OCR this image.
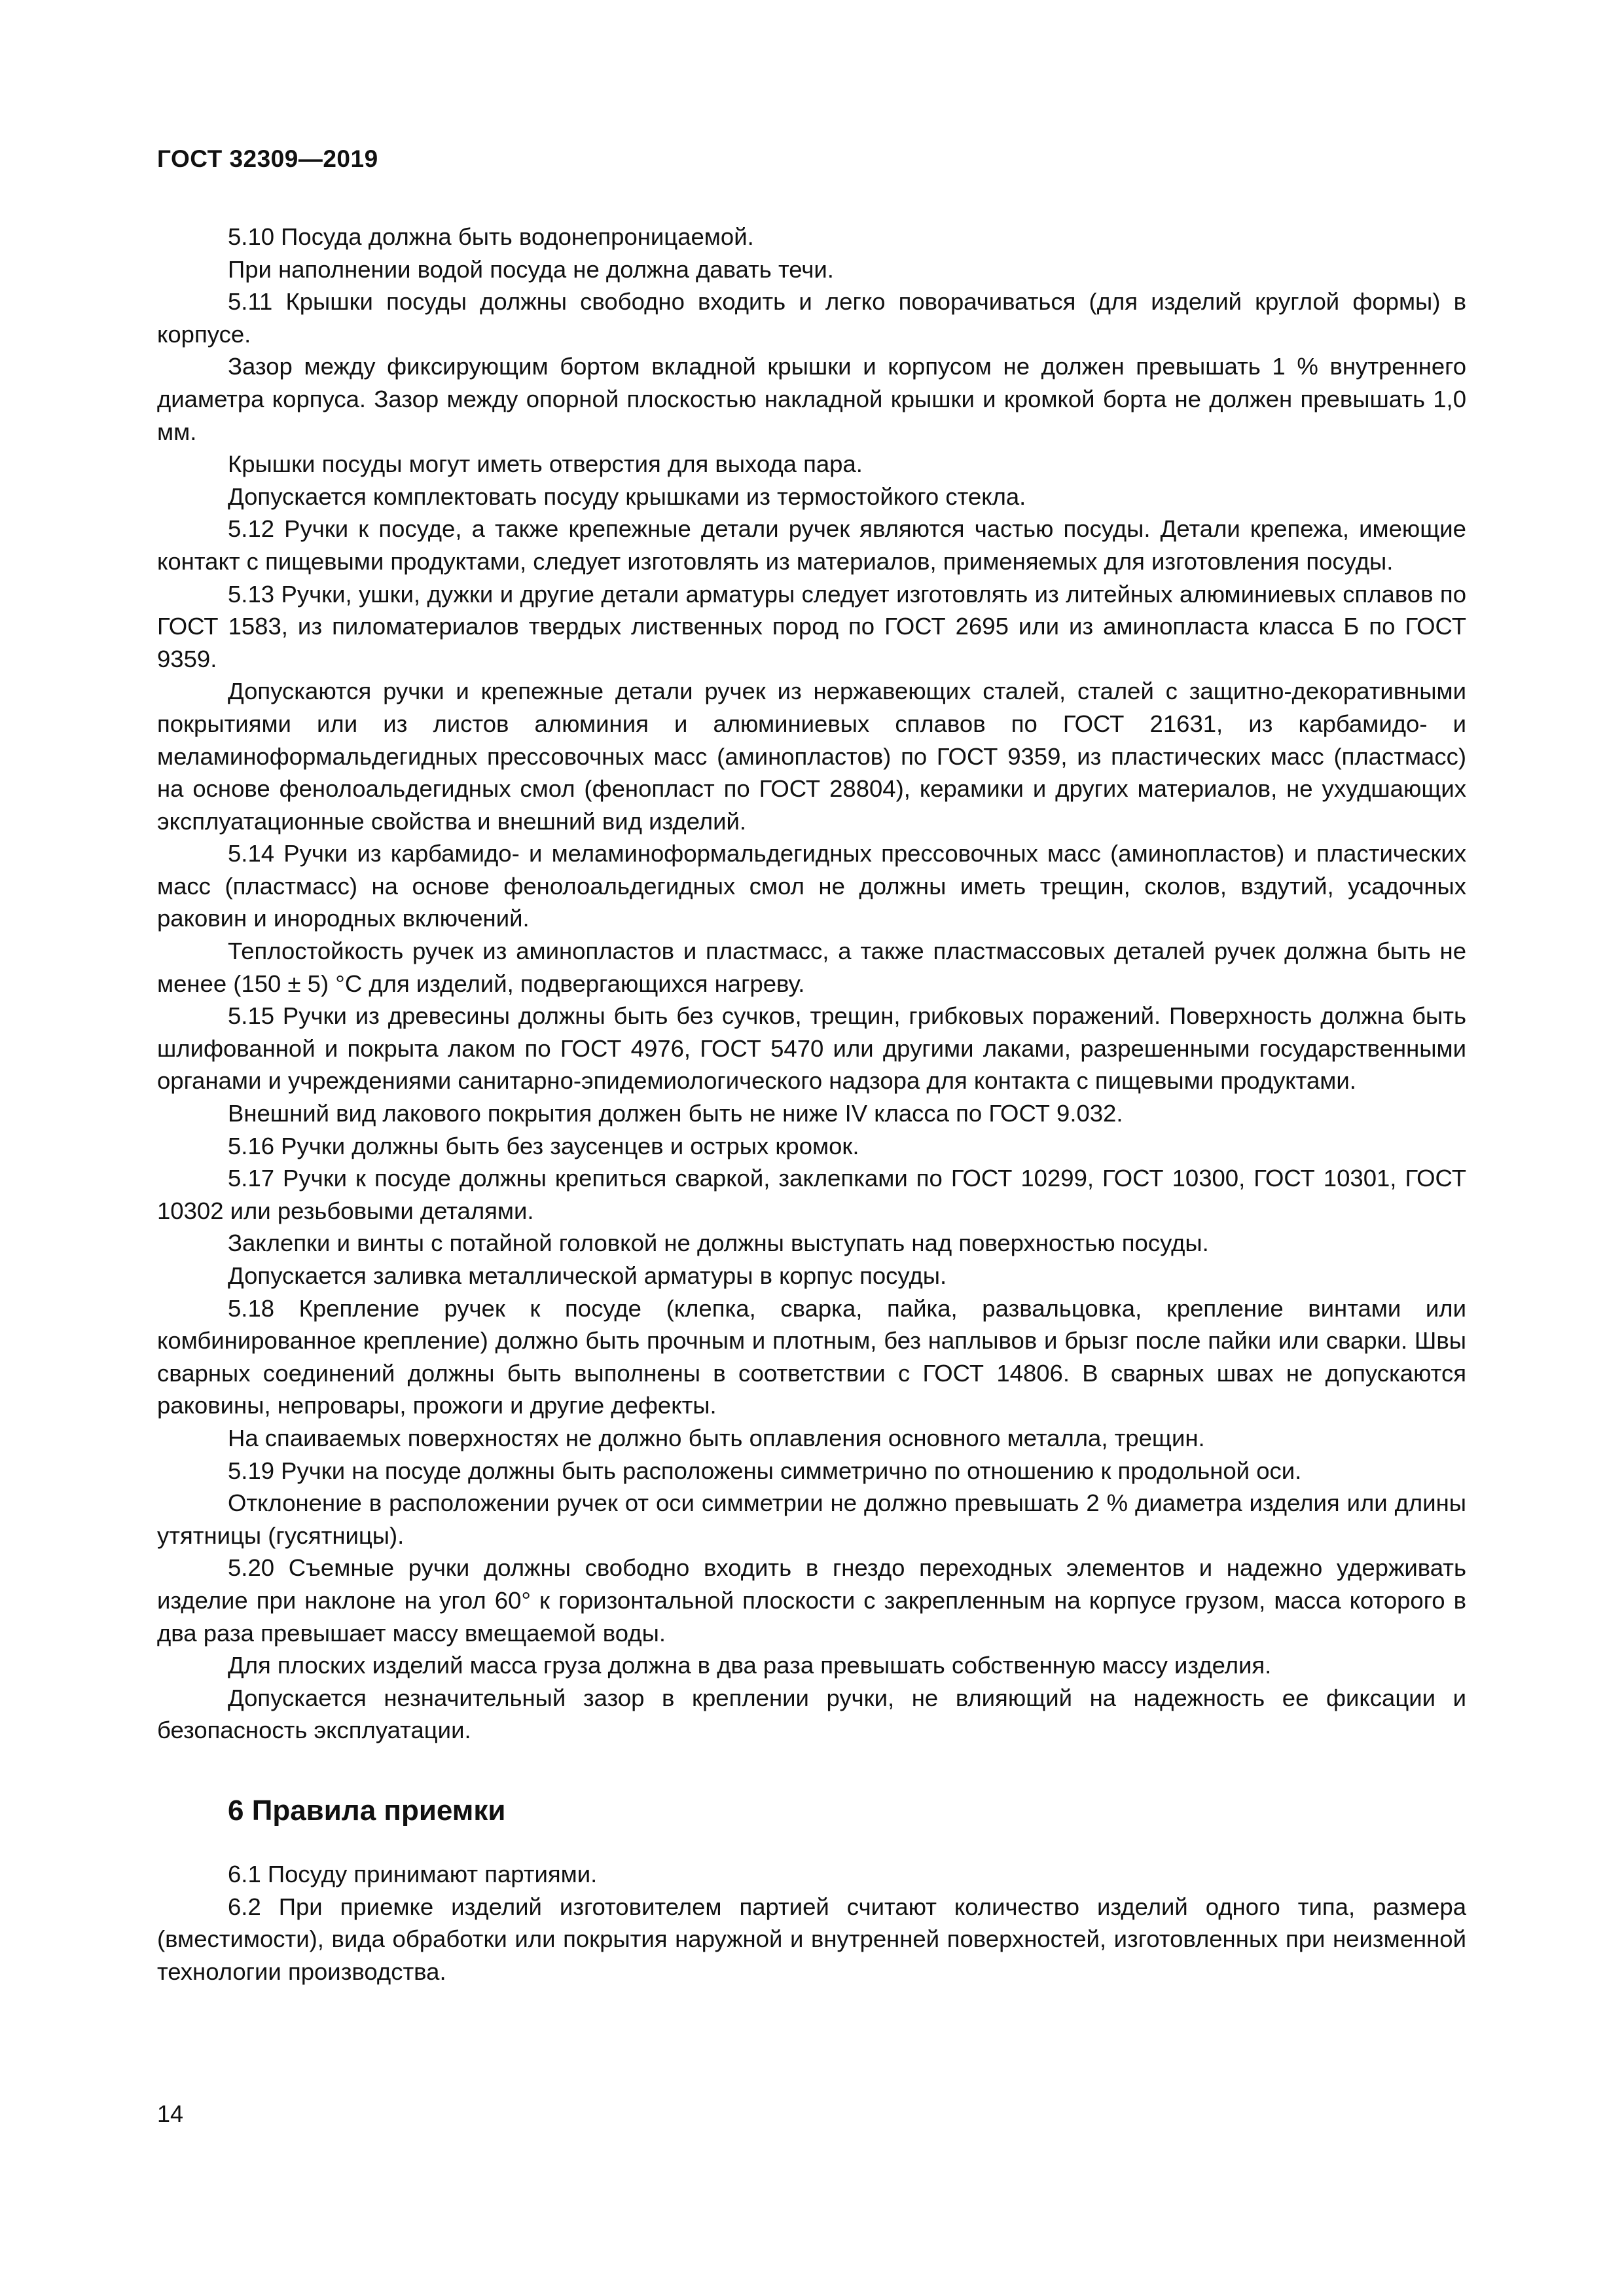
ГОСТ 32309—2019

5.10 Посуда должна быть водонепроницаемой.

При наполнении водой посуда не должна давать течи.

5.11 Крышки посуды должны свободно входить и легко поворачиваться (для изделий круглой формы) в корпусе.

Зазор между фиксирующим бортом вкладной крышки и корпусом не должен превышать 1 % внутреннего диаметра корпуса. Зазор между опорной плоскостью накладной крышки и кромкой борта не должен превышать 1,0 мм.

Крышки посуды могут иметь отверстия для выхода пара.

Допускается комплектовать посуду крышками из термостойкого стекла.

5.12 Ручки к посуде, а также крепежные детали ручек являются частью посуды. Детали крепежа, имеющие контакт с пищевыми продуктами, следует изготовлять из материалов, применяемых для изготовления посуды.

5.13 Ручки, ушки, дужки и другие детали арматуры следует изготовлять из литейных алюминиевых сплавов по ГОСТ 1583, из пиломатериалов твердых лиственных пород по ГОСТ 2695 или из аминопласта класса Б по ГОСТ 9359.

Допускаются ручки и крепежные детали ручек из нержавеющих сталей, сталей с защитно-декоративными покрытиями или из листов алюминия и алюминиевых сплавов по ГОСТ 21631, из карбамидо- и меламиноформальдегидных прессовочных масс (аминопластов) по ГОСТ 9359, из пластических масс (пластмасс) на основе фенолоальдегидных смол (фенопласт по ГОСТ 28804), керамики и других материалов, не ухудшающих эксплуатационные свойства и внешний вид изделий.

5.14 Ручки из карбамидо- и меламиноформальдегидных прессовочных масс (аминопластов) и пластических масс (пластмасс) на основе фенолоальдегидных смол не должны иметь трещин, сколов, вздутий, усадочных раковин и инородных включений.

Теплостойкость ручек из аминопластов и пластмасс, а также пластмассовых деталей ручек должна быть не менее (150 ± 5) °С для изделий, подвергающихся нагреву.

5.15 Ручки из древесины должны быть без сучков, трещин, грибковых поражений. Поверхность должна быть шлифованной и покрыта лаком по ГОСТ 4976, ГОСТ 5470 или другими лаками, разрешенными государственными органами и учреждениями санитарно-эпидемиологического надзора для контакта с пищевыми продуктами.

Внешний вид лакового покрытия должен быть не ниже IV класса по ГОСТ 9.032.

5.16 Ручки должны быть без заусенцев и острых кромок.

5.17 Ручки к посуде должны крепиться сваркой, заклепками по ГОСТ 10299, ГОСТ 10300, ГОСТ 10301, ГОСТ 10302 или резьбовыми деталями.

Заклепки и винты с потайной головкой не должны выступать над поверхностью посуды.

Допускается заливка металлической арматуры в корпус посуды.

5.18 Крепление ручек к посуде (клепка, сварка, пайка, развальцовка, крепление винтами или комбинированное крепление) должно быть прочным и плотным, без наплывов и брызг после пайки или сварки. Швы сварных соединений должны быть выполнены в соответствии с ГОСТ 14806. В сварных швах не допускаются раковины, непровары, прожоги и другие дефекты.

На спаиваемых поверхностях не должно быть оплавления основного металла, трещин.

5.19 Ручки на посуде должны быть расположены симметрично по отношению к продольной оси.

Отклонение в расположении ручек от оси симметрии не должно превышать 2 % диаметра изделия или длины утятницы (гусятницы).

5.20 Съемные ручки должны свободно входить в гнездо переходных элементов и надежно удерживать изделие при наклоне на угол 60° к горизонтальной плоскости с закрепленным на корпусе грузом, масса которого в два раза превышает массу вмещаемой воды.

Для плоских изделий масса груза должна в два раза превышать собственную массу изделия.

Допускается незначительный зазор в креплении ручки, не влияющий на надежность ее фиксации и безопасность эксплуатации.

6 Правила приемки

6.1 Посуду принимают партиями.

6.2 При приемке изделий изготовителем партией считают количество изделий одного типа, размера (вместимости), вида обработки или покрытия наружной и внутренней поверхностей, изготовленных при неизменной технологии производства.

14
